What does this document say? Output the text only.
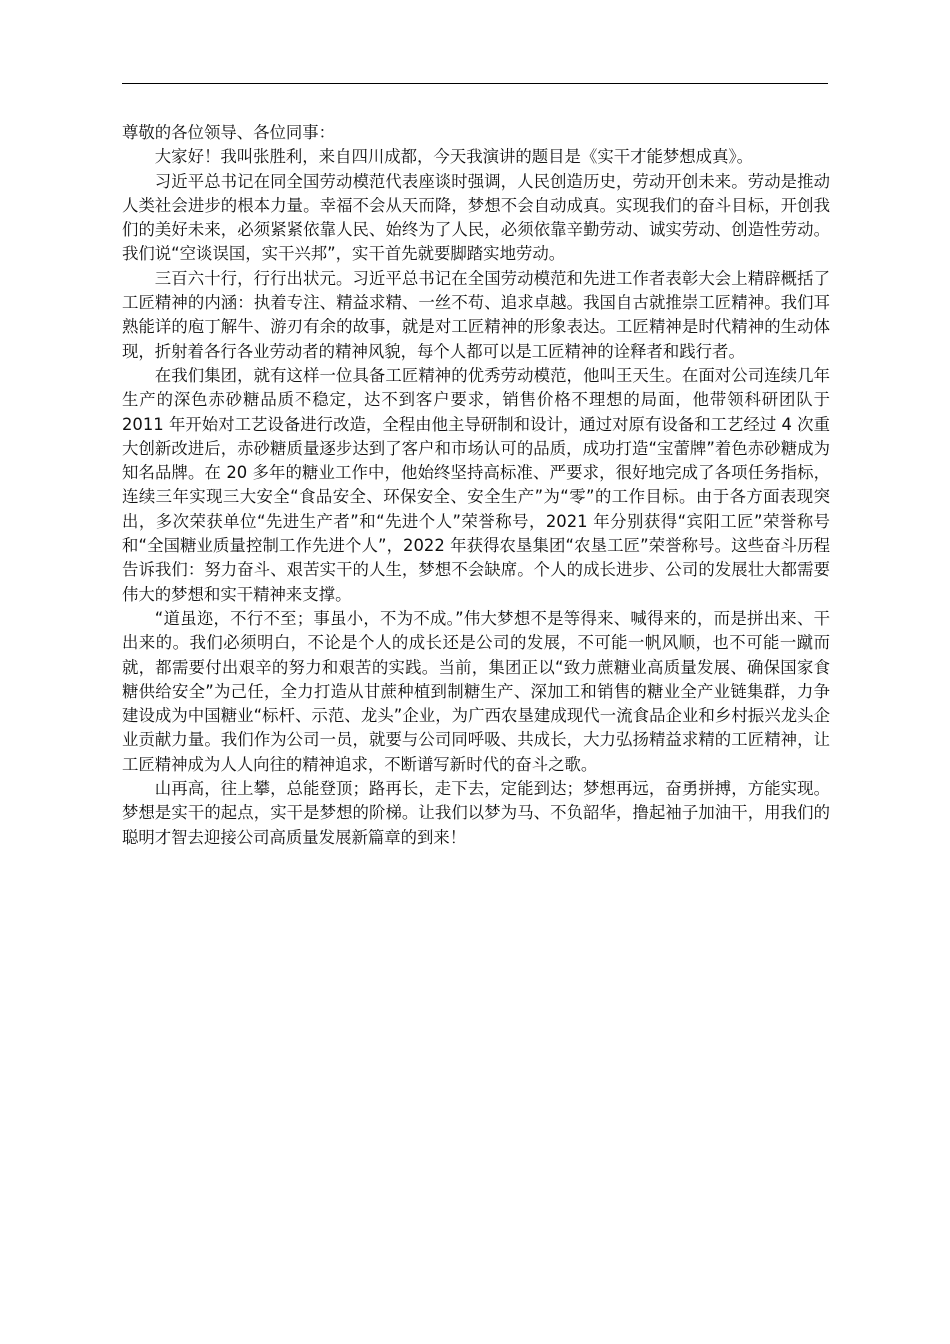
尊敬的各位领导、各位同事：

大家好！我叫张胜利，来自四川成都，今天我演讲的题目是《实干才能梦想成真》。

习近平总书记在同全国劳动模范代表座谈时强调，人民创造历史，劳动开创未来。劳动是推动人类社会进步的根本力量。幸福不会从天而降，梦想不会自动成真。实现我们的奋斗目标，开创我们的美好未来，必须紧紧依靠人民、始终为了人民，必须依靠辛勤劳动、诚实劳动、创造性劳动。我们说“空谈误国，实干兴邦”，实干首先就要脚踏实地劳动。

三百六十行，行行出状元。习近平总书记在全国劳动模范和先进工作者表彰大会上精辟概括了工匠精神的内涵：执着专注、精益求精、一丝不苟、追求卓越。我国自古就推崇工匠精神。我们耳熟能详的庖丁解牛、游刃有余的故事，就是对工匠精神的形象表达。工匠精神是时代精神的生动体现，折射着各行各业劳动者的精神风貌，每个人都可以是工匠精神的诠释者和践行者。

在我们集团，就有这样一位具备工匠精神的优秀劳动模范，他叫王天生。在面对公司连续几年生产的深色赤砂糖品质不稳定，达不到客户要求，销售价格不理想的局面，他带领科研团队于 2011 年开始对工艺设备进行改造，全程由他主导研制和设计，通过对原有设备和工艺经过 4 次重大创新改进后，赤砂糖质量逐步达到了客户和市场认可的品质，成功打造“宝蕾牌”着色赤砂糖成为知名品牌。在 20 多年的糖业工作中，他始终坚持高标准、严要求，很好地完成了各项任务指标，连续三年实现三大安全“食品安全、环保安全、安全生产”为“零”的工作目标。由于各方面表现突出，多次荣获单位“先进生产者”和“先进个人”荣誉称号，2021 年分别获得“宾阳工匠”荣誉称号和“全国糖业质量控制工作先进个人”，2022 年获得农垦集团“农垦工匠”荣誉称号。这些奋斗历程告诉我们：努力奋斗、艰苦实干的人生，梦想不会缺席。个人的成长进步、公司的发展壮大都需要伟大的梦想和实干精神来支撑。

“道虽迩，不行不至；事虽小，不为不成。”伟大梦想不是等得来、喊得来的，而是拼出来、干出来的。我们必须明白，不论是个人的成长还是公司的发展，不可能一帆风顺，也不可能一蹴而就，都需要付出艰辛的努力和艰苦的实践。当前，集团正以“致力蔗糖业高质量发展、确保国家食糖供给安全”为己任，全力打造从甘蔗种植到制糖生产、深加工和销售的糖业全产业链集群，力争建设成为中国糖业“标杆、示范、龙头”企业，为广西农垦建成现代一流食品企业和乡村振兴龙头企业贡献力量。我们作为公司一员，就要与公司同呼吸、共成长，大力弘扬精益求精的工匠精神，让工匠精神成为人人向往的精神追求，不断谱写新时代的奋斗之歌。

山再高，往上攀，总能登顶；路再长，走下去，定能到达；梦想再远，奋勇拼搏，方能实现。梦想是实干的起点，实干是梦想的阶梯。让我们以梦为马、不负韶华，撸起袖子加油干，用我们的聪明才智去迎接公司高质量发展新篇章的到来！
